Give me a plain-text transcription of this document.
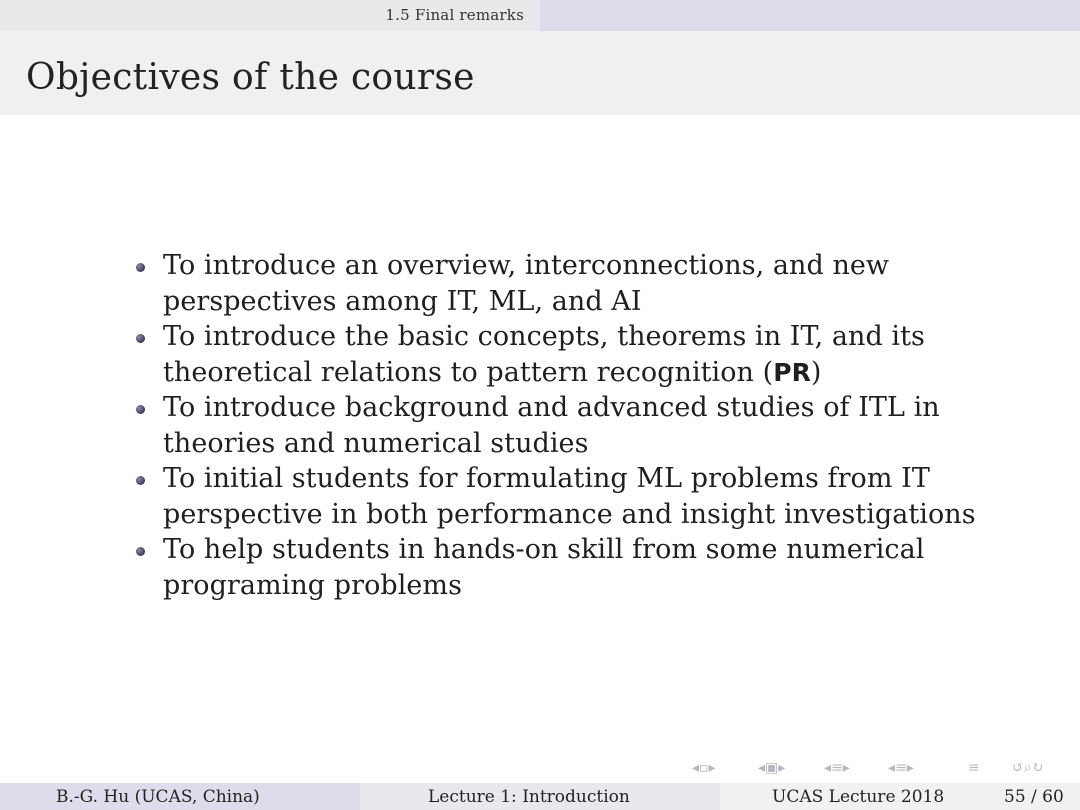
1.5 Final remarks
Objectives of the course
To introduce an overview, interconnections, and new perspectives among IT, ML, and AI
To introduce the basic concepts, theorems in IT, and its theoretical relations to pattern recognition (PR)
To introduce background and advanced studies of ITL in theories and numerical studies
To initial students for formulating ML problems from IT perspective in both performance and insight investigations
To help students in hands-on skill from some numerical programing problems
◂▫▸	◂▣▸	◂≡▸	◂≡▸	≡ ↺⌕↻
B.-G. Hu (UCAS, China)	Lecture 1: Introduction	UCAS Lecture 2018	55 / 60
